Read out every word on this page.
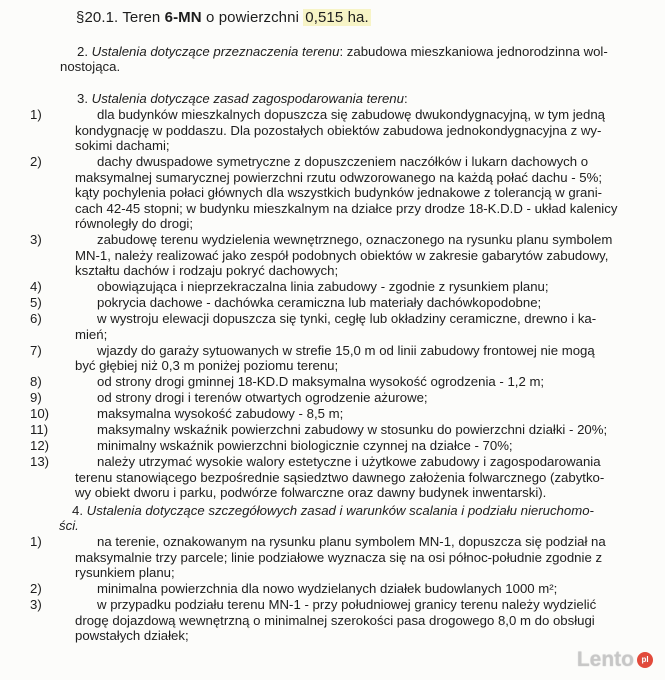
§20.1. Teren 6-MN o powierzchni 0,515 ha.
2. Ustalenia dotyczące przeznaczenia terenu: zabudowa mieszkaniowa jednorodzinna wol-
nostojąca.
3. Ustalenia dotyczące zasad zagospodarowania terenu:
1)	dla budynków mieszkalnych dopuszcza się zabudowę dwukondygnacyjną, w tym jedną
kondygnację w poddaszu. Dla pozostałych obiektów zabudowa jednokondygnacyjna z wy-
sokimi dachami;
2)	dachy dwuspadowe symetryczne z dopuszczeniem naczółków i lukarn dachowych o
maksymalnej sumarycznej powierzchni rzutu odwzorowanego na każdą połać dachu - 5%;
kąty pochylenia połaci głównych dla wszystkich budynków jednakowe z tolerancją w grani-
cach 42-45 stopni; w budynku mieszkalnym na działce przy drodze 18-K.D.D - układ kalenicy równoległy do drogi;
3)	zabudowę terenu wydzielenia wewnętrznego, oznaczonego na rysunku planu symbolem
MN-1, należy realizować jako zespół podobnych obiektów w zakresie gabarytów zabudowy,
kształtu dachów i rodzaju pokryć dachowych;
4)	obowiązująca i nieprzekraczalna linia zabudowy - zgodnie z rysunkiem planu;
5)	pokrycia dachowe - dachówka ceramiczna lub materiały dachówkopodobne;
6)	w wystroju elewacji dopuszcza się tynki, cegłę lub okładziny ceramiczne, drewno i ka-
mień;
7)	wjazdy do garaży sytuowanych w strefie 15,0 m od linii zabudowy frontowej nie mogą
być głębiej niż 0,3 m poniżej poziomu terenu;
8)	od strony drogi gminnej 18-KD.D maksymalna wysokość ogrodzenia - 1,2 m;
9)	od strony drogi i terenów otwartych ogrodzenie ażurowe;
10)	maksymalna wysokość zabudowy - 8,5 m;
11)	maksymalny wskaźnik powierzchni zabudowy w stosunku do powierzchni działki - 20%;
12)	minimalny wskaźnik powierzchni biologicznie czynnej na działce - 70%;
13)	należy utrzymać wysokie walory estetyczne i użytkowe zabudowy i zagospodarowania
terenu stanowiącego bezpośrednie sąsiedztwo dawnego założenia folwarcznego (zabytko-
wy obiekt dworu i parku, podwórze folwarczne oraz dawny budynek inwentarski).
4. Ustalenia dotyczące szczegółowych zasad i warunków scalania i podziału nieruchomo-
ści.
1)	na terenie, oznakowanym na rysunku planu symbolem MN-1, dopuszcza się podział na
maksymalnie trzy parcele; linie podziałowe wyznacza się na osi północ-południe zgodnie z
rysunkiem planu;
2)	minimalna powierzchnia dla nowo wydzielanych działek budowlanych 1000 m²;
3)	w przypadku podziału terenu MN-1 - przy południowej granicy terenu należy wydzielić
drogę dojazdową wewnętrzną o minimalnej szerokości pasa drogowego 8,0 m do obsługi
powstałych działek;
Lento pl
